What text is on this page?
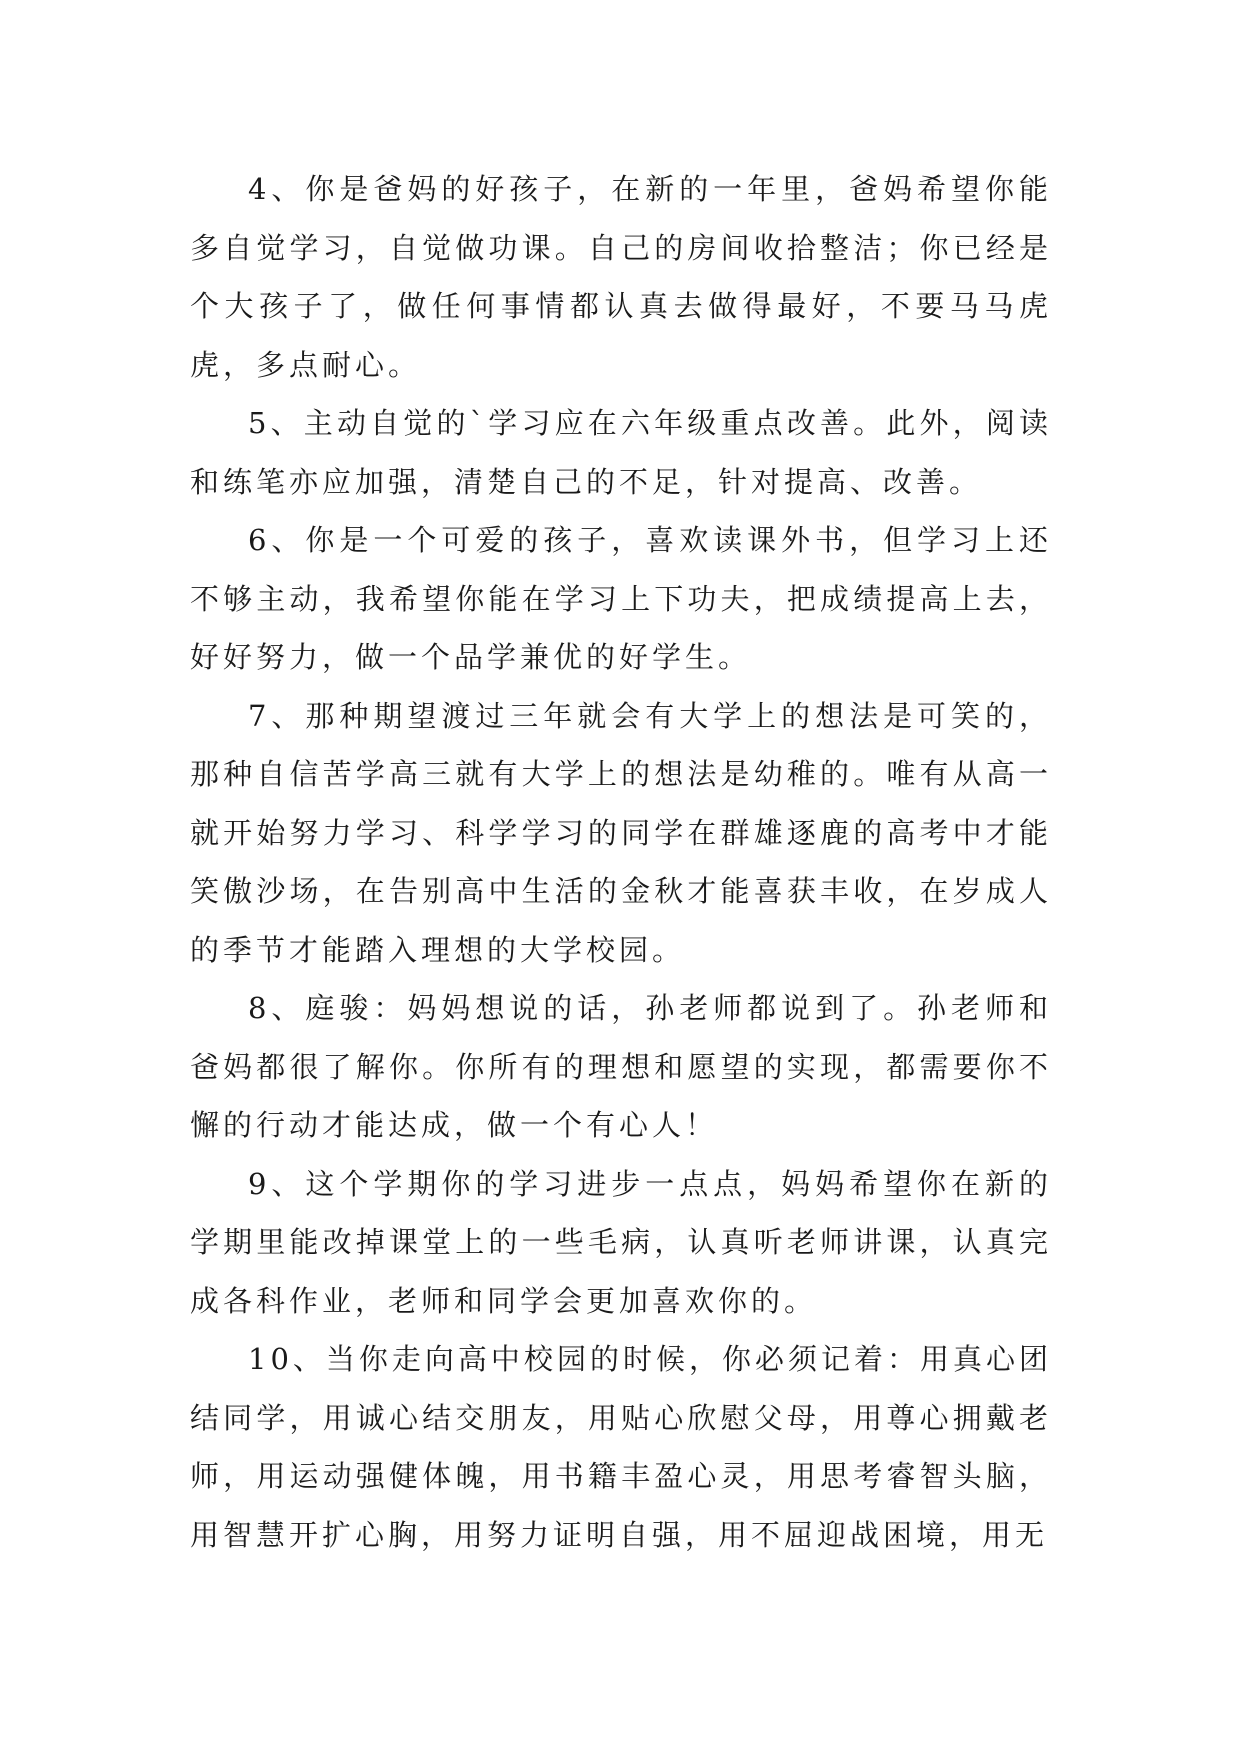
4、你是爸妈的好孩子，在新的一年里，爸妈希望你能多自觉学习，自觉做功课。自己的房间收拾整洁；你已经是个大孩子了，做任何事情都认真去做得最好，不要马马虎虎，多点耐心。

5、主动自觉的`学习应在六年级重点改善。此外，阅读和练笔亦应加强，清楚自己的不足，针对提高、改善。

6、你是一个可爱的孩子，喜欢读课外书，但学习上还不够主动，我希望你能在学习上下功夫，把成绩提高上去，好好努力，做一个品学兼优的好学生。

7、那种期望渡过三年就会有大学上的想法是可笑的，那种自信苦学高三就有大学上的想法是幼稚的。唯有从高一就开始努力学习、科学学习的同学在群雄逐鹿的高考中才能笑傲沙场，在告别高中生活的金秋才能喜获丰收，在岁成人的季节才能踏入理想的大学校园。

8、庭骏：妈妈想说的话，孙老师都说到了。孙老师和爸妈都很了解你。你所有的理想和愿望的实现，都需要你不懈的行动才能达成，做一个有心人！

9、这个学期你的学习进步一点点，妈妈希望你在新的学期里能改掉课堂上的一些毛病，认真听老师讲课，认真完成各科作业，老师和同学会更加喜欢你的。

10、当你走向高中校园的时候，你必须记着：用真心团结同学，用诚心结交朋友，用贴心欣慰父母，用尊心拥戴老师，用运动强健体魄，用书籍丰盈心灵，用思考睿智头脑，用智慧开扩心胸，用努力证明自强，用不屈迎战困境，用无
